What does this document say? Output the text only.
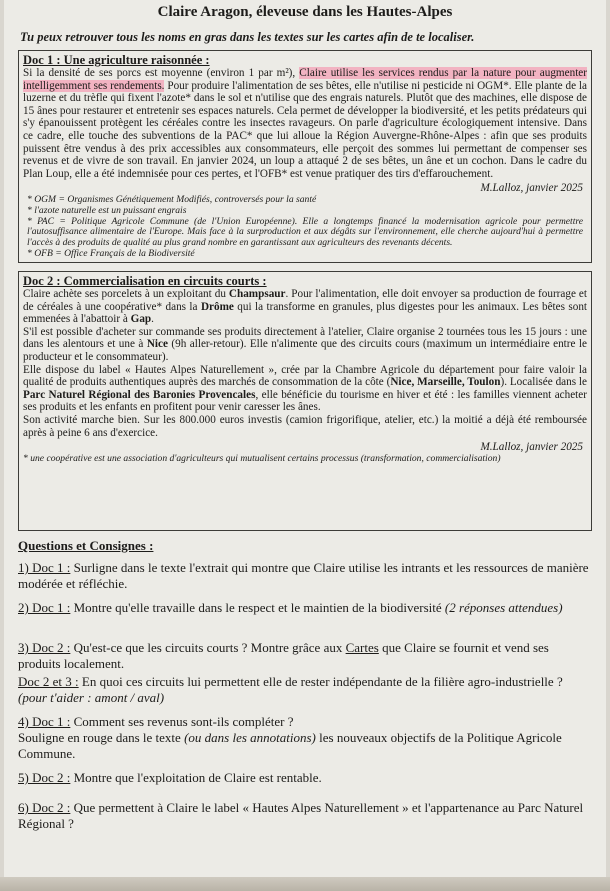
Claire Aragon, éleveuse dans les Hautes-Alpes
Tu peux retrouver tous les noms en gras dans les textes sur les cartes afin de te localiser.
Doc 1 : Une agriculture raisonnée :

Si la densité de ses porcs est moyenne (environ 1 par m²), Claire utilise les services rendus par la nature pour augmenter intelligemment ses rendements. Pour produire l'alimentation de ses bêtes, elle n'utilise ni pesticide ni OGM*. Elle plante de la luzerne et du trèfle qui fixent l'azote* dans le sol et n'utilise que des engrais naturels. Plutôt que des machines, elle dispose de 15 ânes pour restaurer et entretenir ses espaces naturels. Cela permet de développer la biodiversité, et les petits prédateurs qui s'y épanouissent protègent les céréales contre les insectes ravageurs. On parle d'agriculture écologiquement intensive. Dans ce cadre, elle touche des subventions de la PAC* que lui alloue la Région Auvergne-Rhône-Alpes : afin que ses produits puissent être vendus à des prix accessibles aux consommateurs, elle perçoit des sommes lui permettant de compenser ses revenus et de vivre de son travail. En janvier 2024, un loup a attaqué 2 de ses bêtes, un âne et un cochon. Dans le cadre du Plan Loup, elle a été indemnisée pour ces pertes, et l'OFB* est venue pratiquer des tirs d'effarouchement.

M.Lalloz, janvier 2025

* OGM = Organismes Génétiquement Modifiés, controversés pour la santé

* l'azote naturelle est un puissant engrais

* PAC = Politique Agricole Commune (de l'Union Européenne). Elle a longtemps financé la modernisation agricole pour permettre l'autosuffisance alimentaire de l'Europe. Mais face à la surproduction et aux dégâts sur l'environnement, elle cherche aujourd'hui à permettre l'accès à des produits de qualité au plus grand nombre en garantissant aux agriculteurs des revenants décents.

* OFB = Office Français de la Biodiversité

Doc 2 : Commercialisation en circuits courts :

Claire achète ses porcelets à un exploitant du Champsaur. Pour l'alimentation, elle doit envoyer sa production de fourrage et de céréales à une coopérative* dans la Drôme qui la transforme en granules, plus digestes pour les animaux. Les bêtes sont emmenées à l'abattoir à Gap.

S'il est possible d'acheter sur commande ses produits directement à l'atelier, Claire organise 2 tournées tous les 15 jours : une dans les alentours et une à Nice (9h aller-retour). Elle n'alimente que des circuits cours (maximum un intermédiaire entre le producteur et le consommateur).

Elle dispose du label « Hautes Alpes Naturellement », crée par la Chambre Agricole du département pour faire valoir la qualité de produits authentiques auprès des marchés de consommation de la côte (Nice, Marseille, Toulon). Localisée dans le Parc Naturel Régional des Baronies Provencales, elle bénéficie du tourisme en hiver et été : les familles viennent acheter ses produits et les enfants en profitent pour venir caresser les ânes.

Son activité marche bien. Sur les 800.000 euros investis (camion frigorifique, atelier, etc.) la moitié a déjà été remboursée après à peine 6 ans d'exercice.

M.Lalloz, janvier 2025

* une coopérative est une association d'agriculteurs qui mutualisent certains processus (transformation, commercialisation)

Questions et Consignes :
1) Doc 1 : Surligne dans le texte l'extrait qui montre que Claire utilise les intrants et les ressources de manière modérée et réfléchie.
2) Doc 1 : Montre qu'elle travaille dans le respect et le maintien de la biodiversité (2 réponses attendues)
3) Doc 2 : Qu'est-ce que les circuits courts ? Montre grâce aux Cartes que Claire se fournit et vend ses produits localement.
Doc 2 et 3 : En quoi ces circuits lui permettent elle de rester indépendante de la filière agro-industrielle ? (pour t'aider : amont / aval)
4) Doc 1 : Comment ses revenus sont-ils compléter ?
Souligne en rouge dans le texte (ou dans les annotations) les nouveaux objectifs de la Politique Agricole Commune.
5) Doc 2 : Montre que l'exploitation de Claire est rentable.
6) Doc 2 : Que permettent à Claire le label « Hautes Alpes Naturellement » et l'appartenance au Parc Naturel Régional ?
